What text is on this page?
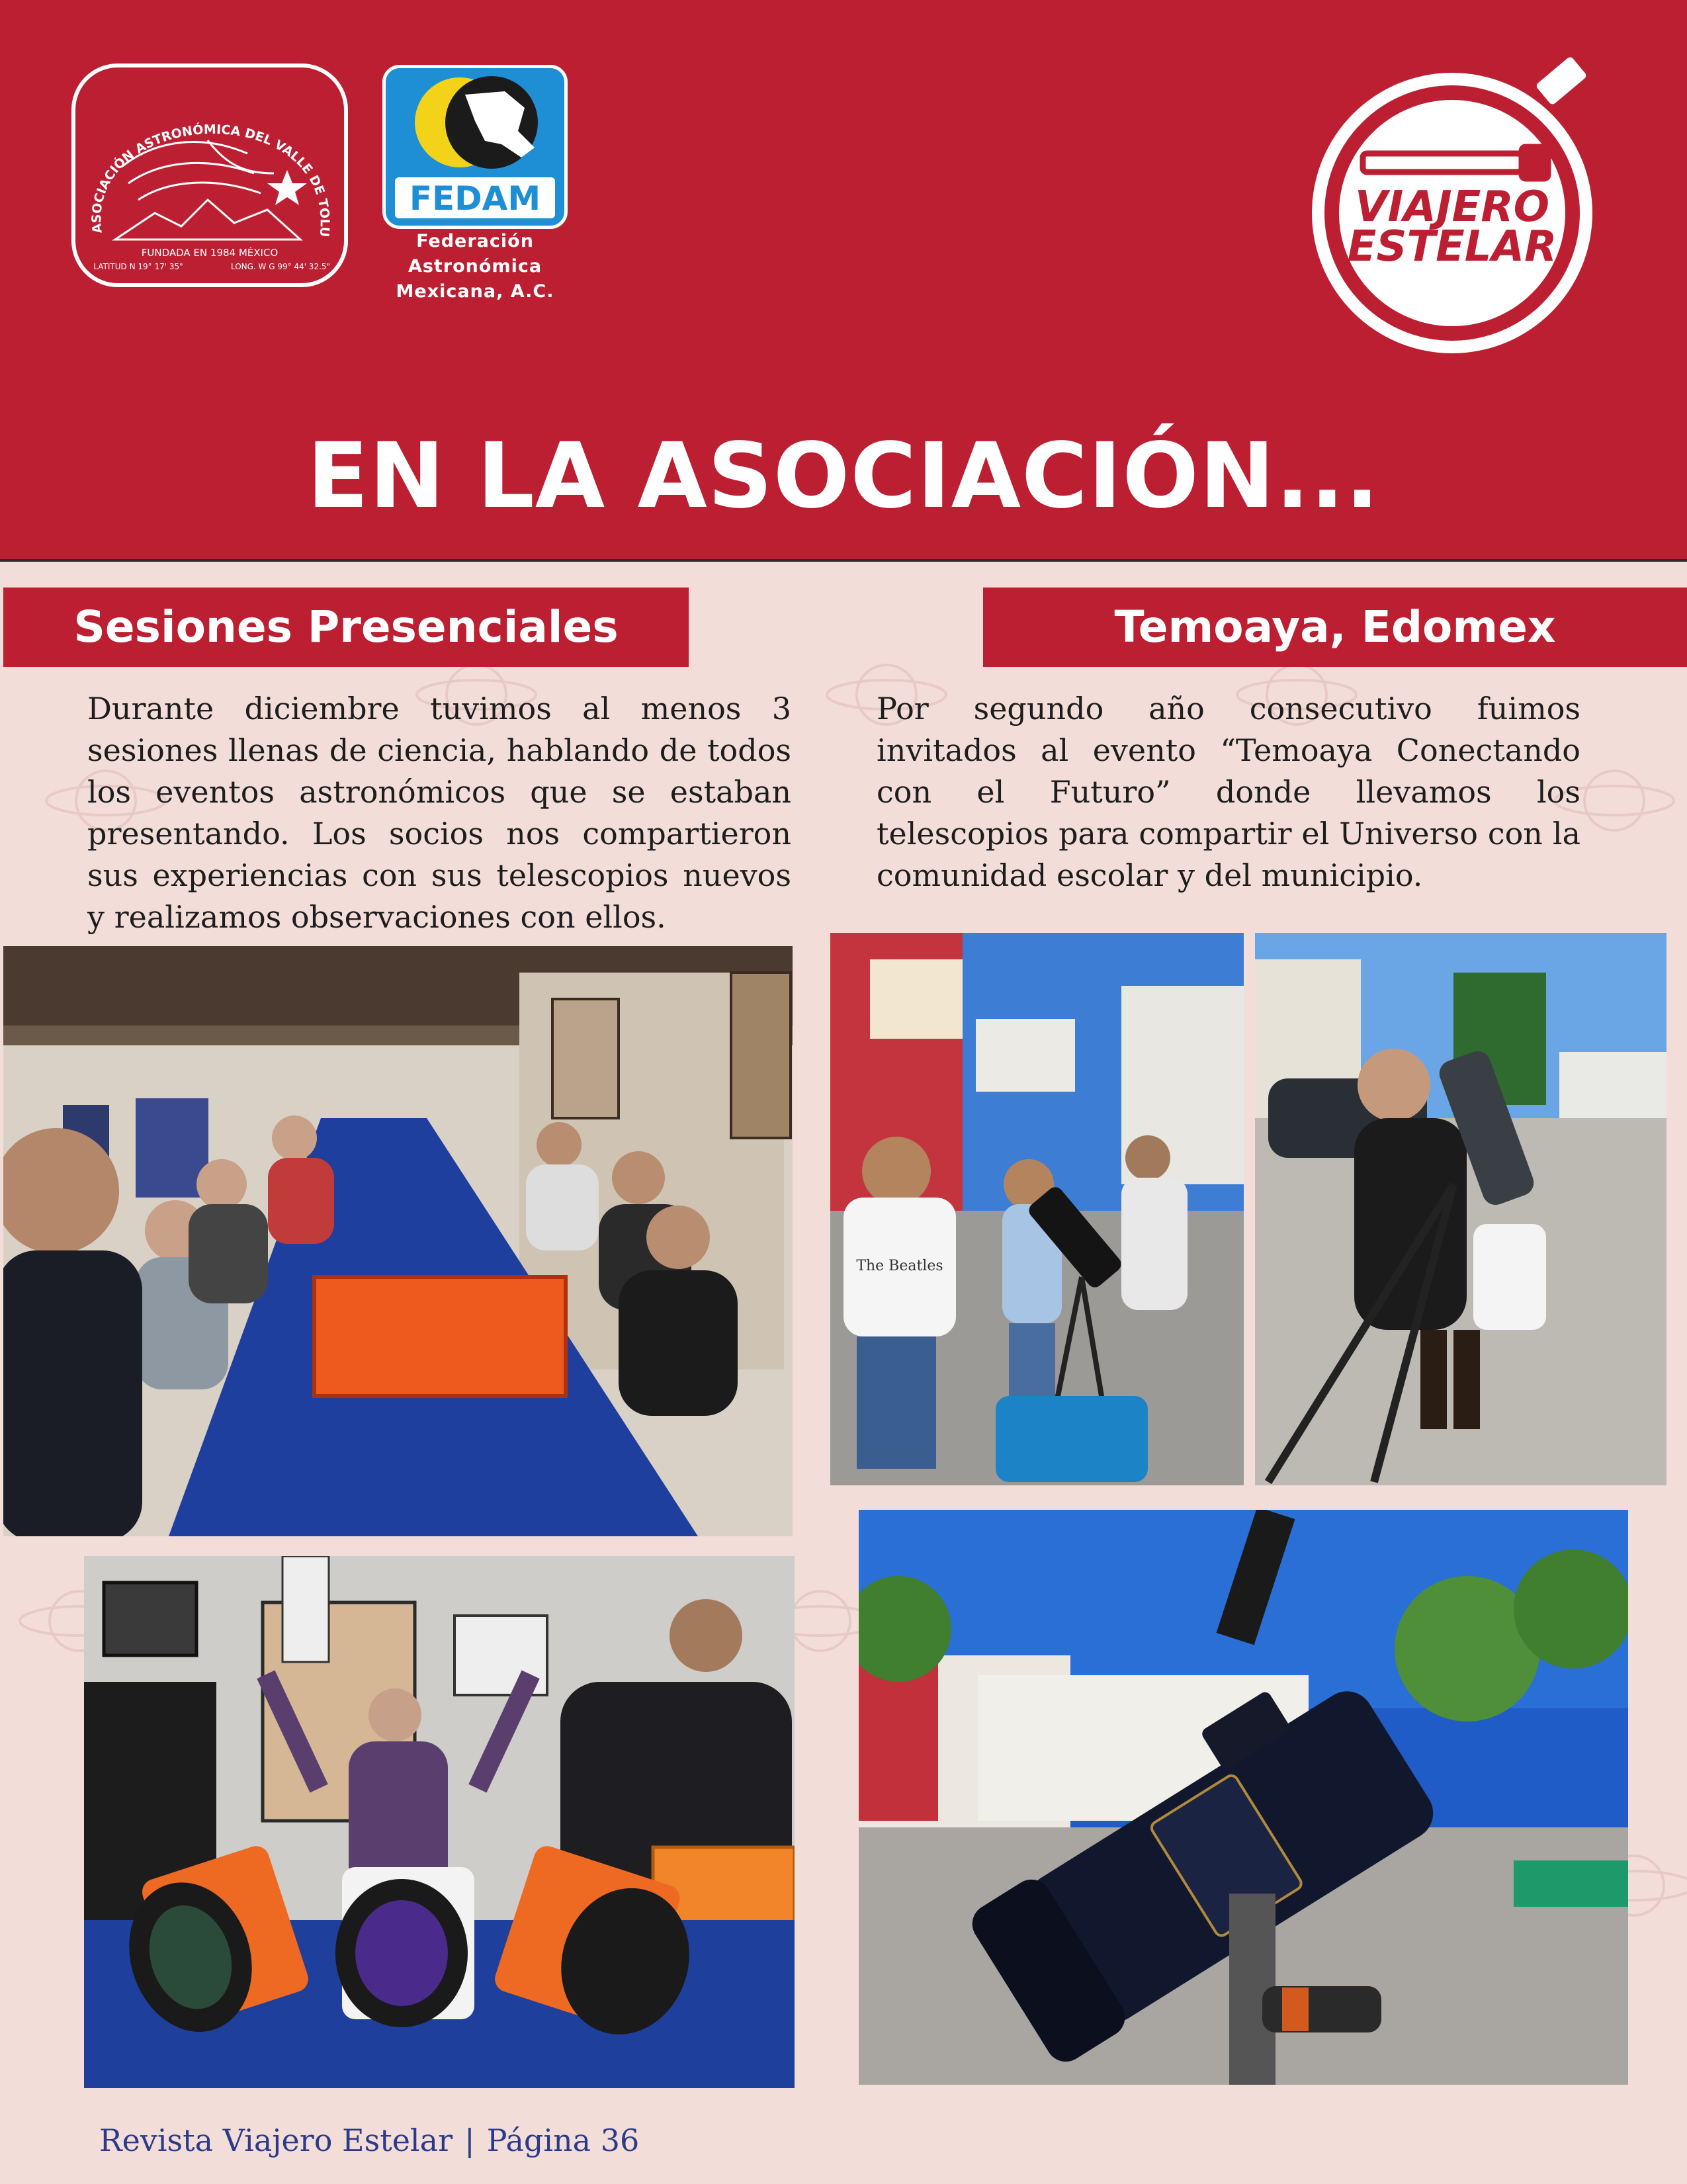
ASOCIACIÓN ASTRONÓMICA DEL VALLE DE TOLU
FUNDADA EN 1984 MÉXICO
LATITUD N 19° 17' 35"	LONG. W G 99° 44' 32.5"
FEDAM
Federación
Astronómica
Mexicana, A.C.
VIAJERO
ESTELAR
EN LA ASOCIACIÓN...
Sesiones Presenciales
Durante diciembre tuvimos al menos 3 sesiones llenas de ciencia, hablando de todos los eventos astronómicos que se estaban presentando. Los socios nos compartieron sus experiencias con sus telescopios nuevos y realizamos observaciones con ellos.
Temoaya, Edomex
Por segundo año consecutivo fuimos invitados al evento “Temoaya Conectando con el Futuro” donde llevamos los telescopios para compartir el Universo con la comunidad escolar y del municipio.
The Beatles
Revista Viajero Estelar | Página 36
